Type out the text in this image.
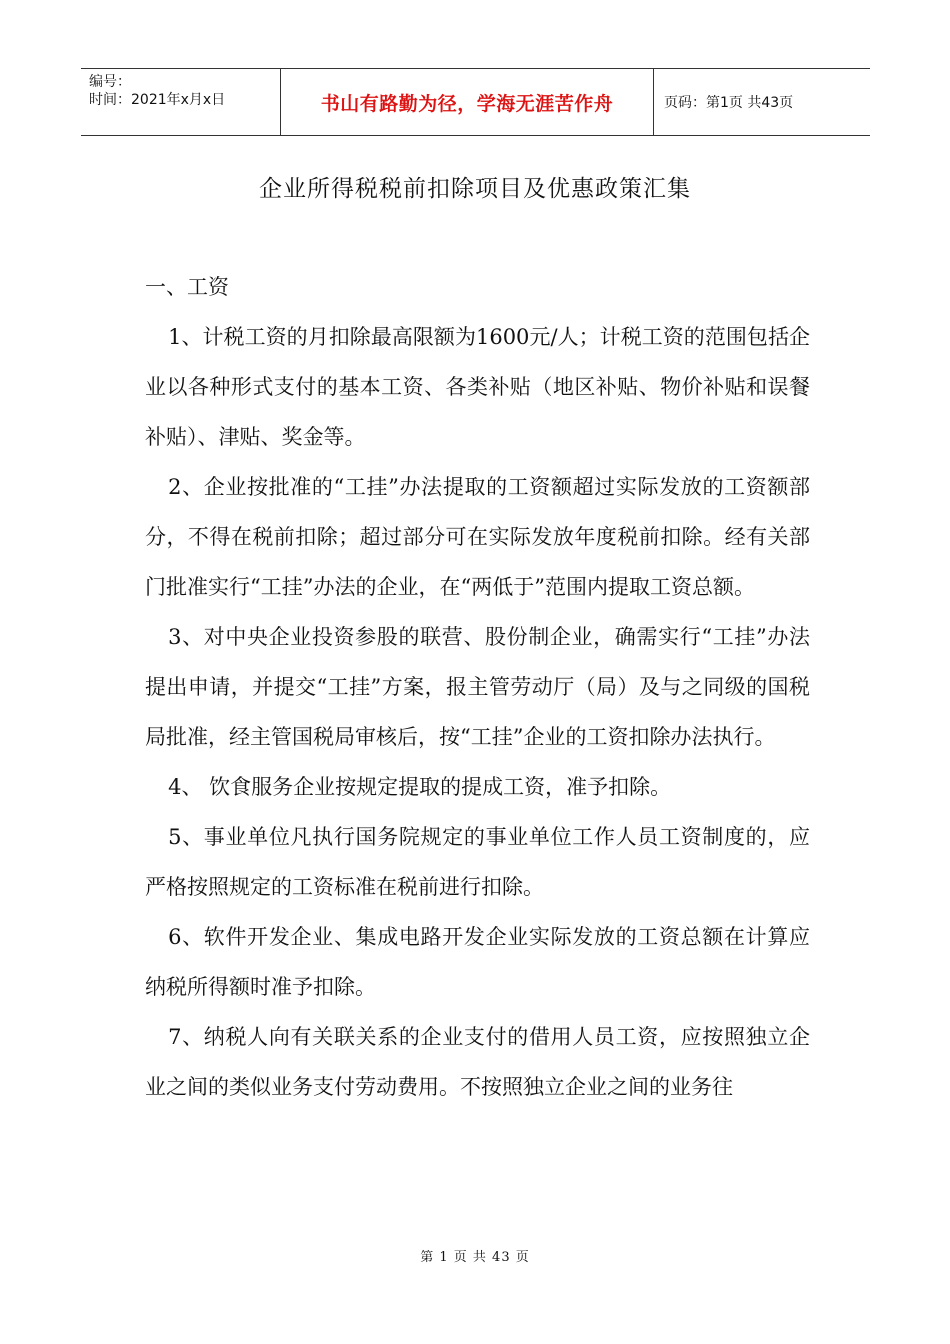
编号：
时间：2021年x月x日	书山有路勤为径，学海无涯苦作舟	页码：第1页 共43页
企业所得税税前扣除项目及优惠政策汇集

一、工资

1、计税工资的月扣除最高限额为1600元/人；计税工资的范围包括企业以各种形式支付的基本工资、各类补贴（地区补贴、物价补贴和误餐补贴）、津贴、奖金等。

2、企业按批准的“工挂”办法提取的工资额超过实际发放的工资额部分，不得在税前扣除；超过部分可在实际发放年度税前扣除。经有关部门批准实行“工挂”办法的企业，在“两低于”范围内提取工资总额。

3、对中央企业投资参股的联营、股份制企业，确需实行“工挂”办法提出申请，并提交“工挂”方案，报主管劳动厅（局）及与之同级的国税局批准，经主管国税局审核后，按“工挂”企业的工资扣除办法执行。

4、 饮食服务企业按规定提取的提成工资，准予扣除。

5、事业单位凡执行国务院规定的事业单位工作人员工资制度的，应严格按照规定的工资标准在税前进行扣除。

6、软件开发企业、集成电路开发企业实际发放的工资总额在计算应纳税所得额时准予扣除。

7、纳税人向有关联关系的企业支付的借用人员工资，应按照独立企业之间的类似业务支付劳动费用。不按照独立企业之间的业务往

第 1 页 共 43 页
